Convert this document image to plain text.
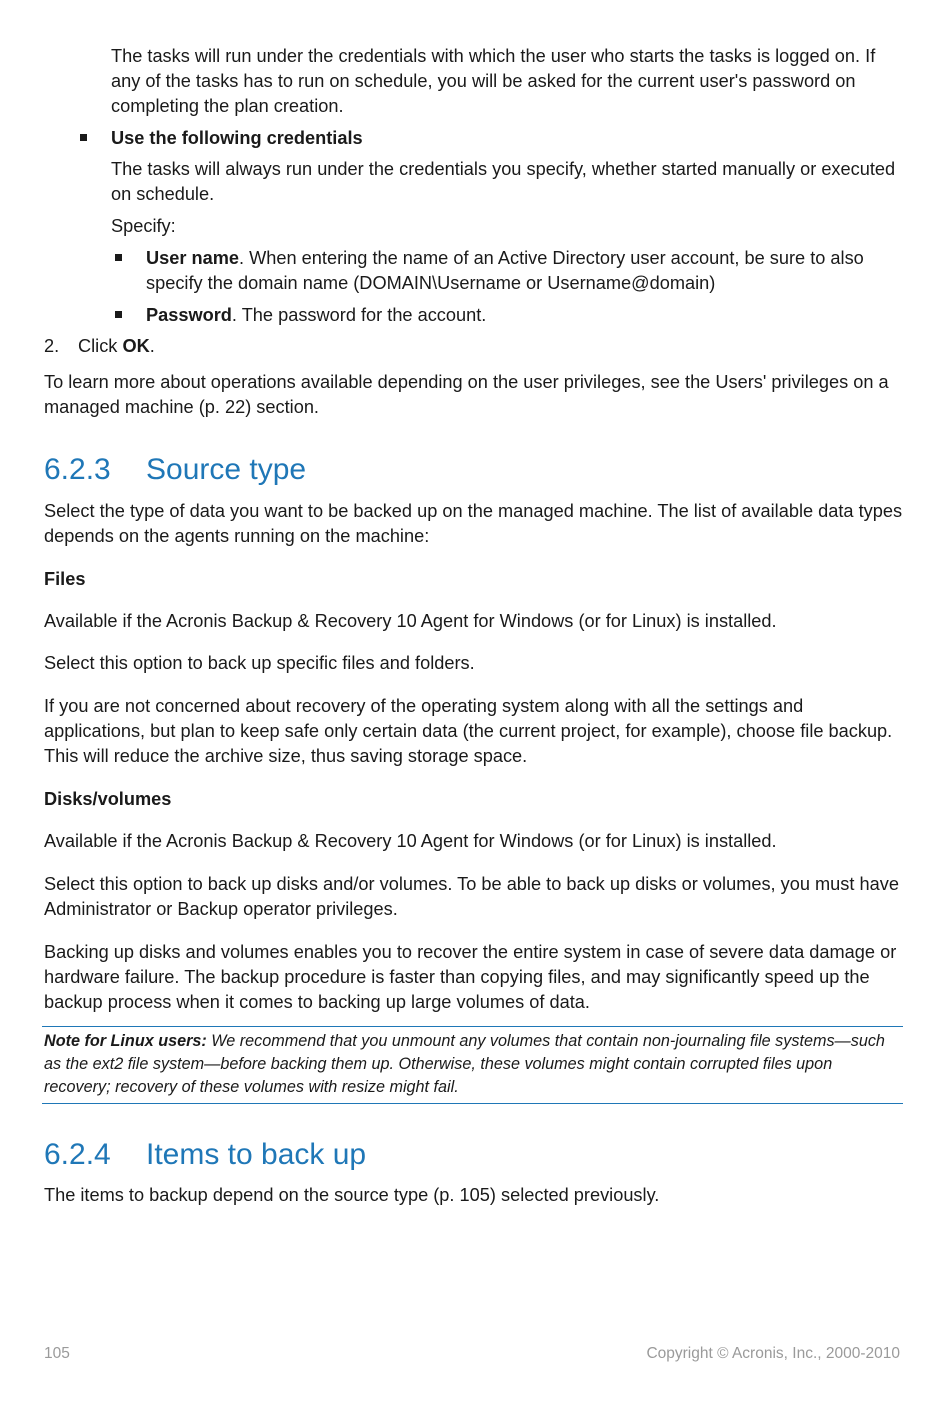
The tasks will run under the credentials with which the user who starts the tasks is logged on. If any of the tasks has to run on schedule, you will be asked for the current user's password on completing the plan creation.

Use the following credentials

The tasks will always run under the credentials you specify, whether started manually or executed on schedule.

Specify:

User name. When entering the name of an Active Directory user account, be sure to also specify the domain name (DOMAIN\Username or Username@domain)
Password. The password for the account.

2. Click OK.

To learn more about operations available depending on the user privileges, see the Users' privileges on a managed machine (p. 22) section.

6.2.3 Source type

Select the type of data you want to be backed up on the managed machine. The list of available data types depends on the agents running on the machine:

Files

Available if the Acronis Backup & Recovery 10 Agent for Windows (or for Linux) is installed.

Select this option to back up specific files and folders.

If you are not concerned about recovery of the operating system along with all the settings and applications, but plan to keep safe only certain data (the current project, for example), choose file backup. This will reduce the archive size, thus saving storage space.

Disks/volumes

Available if the Acronis Backup & Recovery 10 Agent for Windows (or for Linux) is installed.

Select this option to back up disks and/or volumes. To be able to back up disks or volumes, you must have Administrator or Backup operator privileges.

Backing up disks and volumes enables you to recover the entire system in case of severe data damage or hardware failure. The backup procedure is faster than copying files, and may significantly speed up the backup process when it comes to backing up large volumes of data.

Note for Linux users: We recommend that you unmount any volumes that contain non-journaling file systems—such as the ext2 file system—before backing them up. Otherwise, these volumes might contain corrupted files upon recovery; recovery of these volumes with resize might fail.

6.2.4 Items to back up

The items to backup depend on the source type (p. 105) selected previously.

105	Copyright © Acronis, Inc., 2000-2010
